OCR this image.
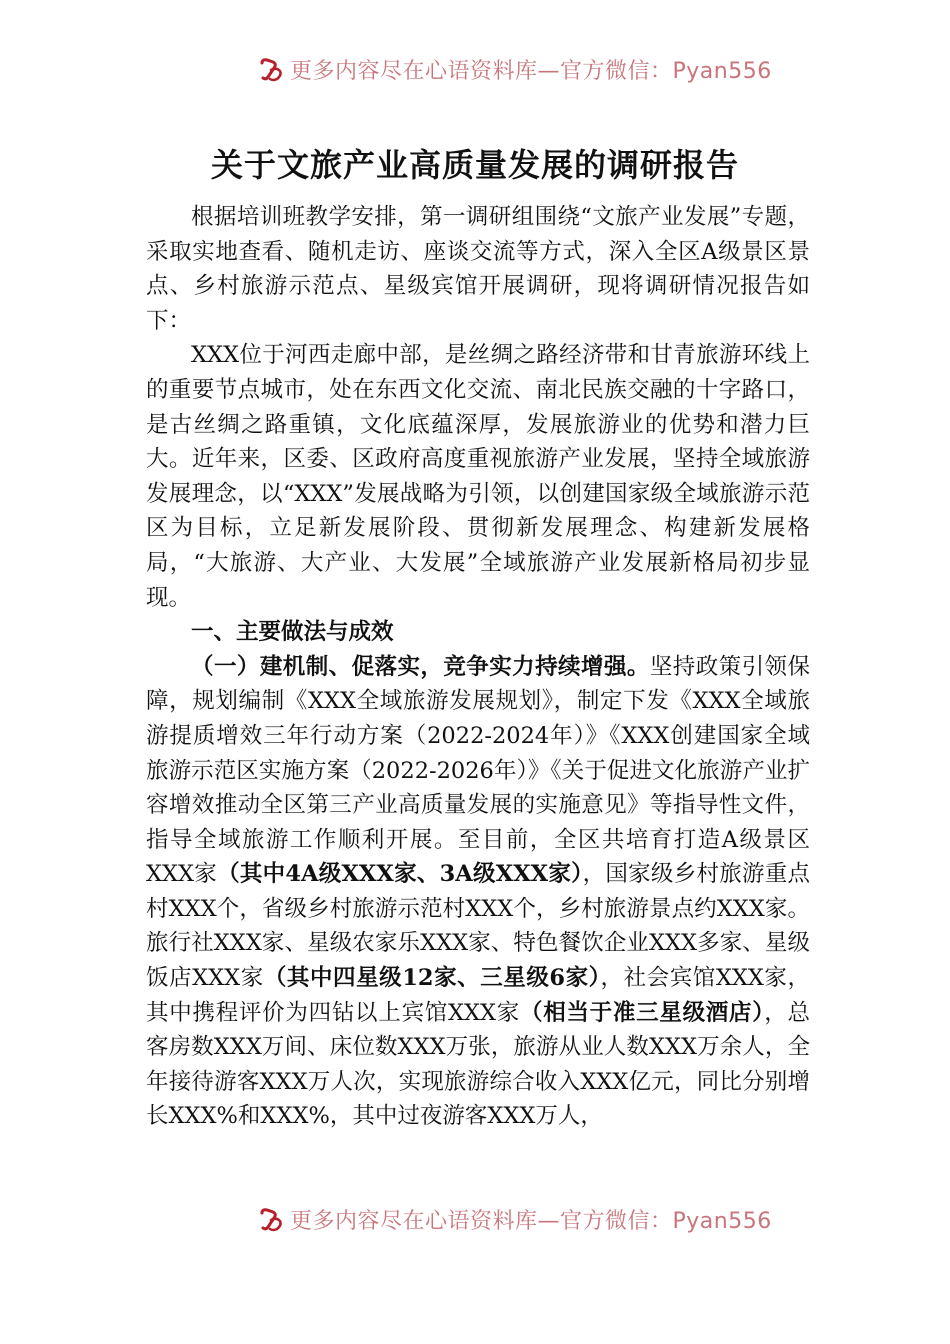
更多内容尽在心语资料库—官方微信：Pyan556
关于文旅产业高质量发展的调研报告

根据培训班教学安排，第一调研组围绕“文旅产业发展”专题，采取实地查看、随机走访、座谈交流等方式，深入全区A级景区景点、乡村旅游示范点、星级宾馆开展调研，现将调研情况报告如下：

XXX位于河西走廊中部，是丝绸之路经济带和甘青旅游环线上的重要节点城市，处在东西文化交流、南北民族交融的十字路口，是古丝绸之路重镇，文化底蕴深厚，发展旅游业的优势和潜力巨大。近年来，区委、区政府高度重视旅游产业发展，坚持全域旅游发展理念，以“XXX”发展战略为引领，以创建国家级全域旅游示范区为目标，立足新发展阶段、贯彻新发展理念、构建新发展格局，“大旅游、大产业、大发展”全域旅游产业发展新格局初步显现。

一、主要做法与成效

（一）建机制、促落实，竞争实力持续增强。坚持政策引领保障，规划编制《XXX全域旅游发展规划》，制定下发《XXX全域旅游提质增效三年行动方案（2022-2024年）》《XXX创建国家全域旅游示范区实施方案（2022-2026年）》《关于促进文化旅游产业扩容增效推动全区第三产业高质量发展的实施意见》等指导性文件，指导全域旅游工作顺利开展。至目前，全区共培育打造A级景区XXX家（其中4A级XXX家、3A级XXX家），国家级乡村旅游重点村XXX个，省级乡村旅游示范村XXX个，乡村旅游景点约XXX家。旅行社XXX家、星级农家乐XXX家、特色餐饮企业XXX多家、星级饭店XXX家（其中四星级12家、三星级6家），社会宾馆XXX家，其中携程评价为四钻以上宾馆XXX家（相当于准三星级酒店），总客房数XXX万间、床位数XXX万张，旅游从业人数XXX万余人，全年接待游客XXX万人次，实现旅游综合收入XXX亿元，同比分别增长XXX%和XXX%，其中过夜游客XXX万人，

更多内容尽在心语资料库—官方微信：Pyan556
